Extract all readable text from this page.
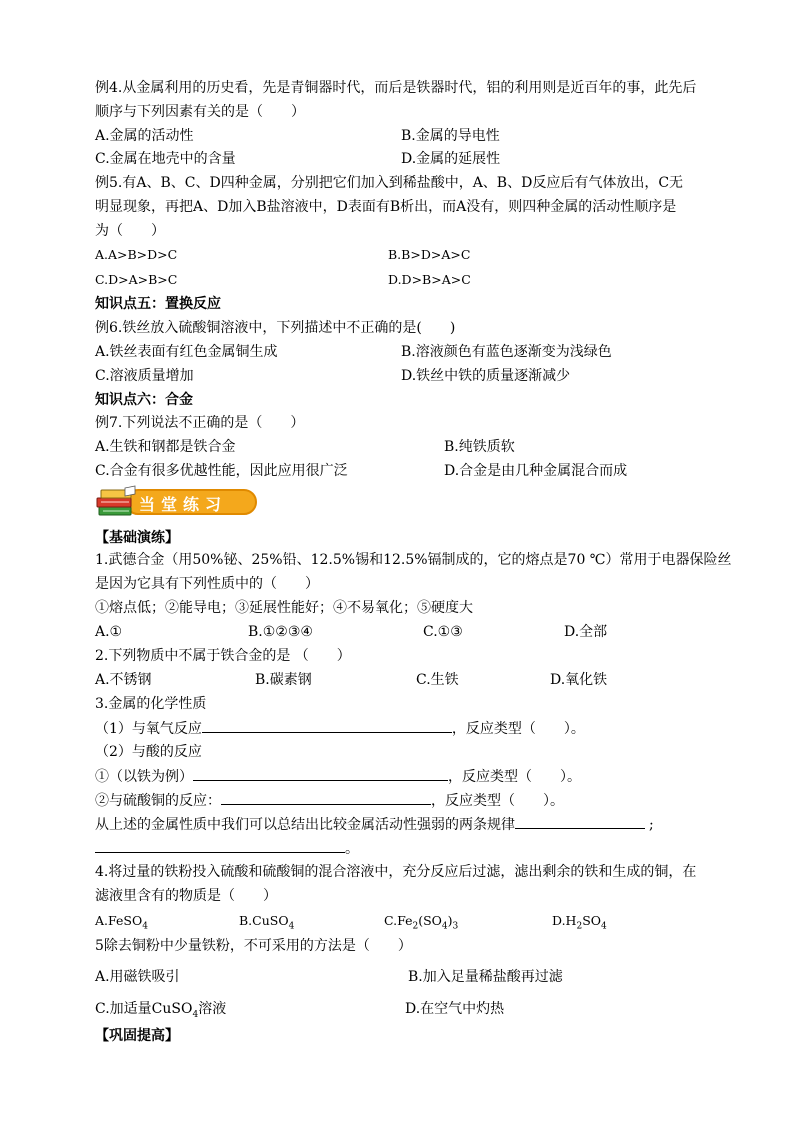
例4.从金属利用的历史看，先是青铜器时代，而后是铁器时代，铝的利用则是近百年的事，此先后
顺序与下列因素有关的是（　　）
A.金属的活动性	B.金属的导电性
C.金属在地壳中的含量	D.金属的延展性
例5.有A、B、C、D四种金属，分别把它们加入到稀盐酸中，A、B、D反应后有气体放出，C无
明显现象，再把A、D加入B盐溶液中，D表面有B析出，而A没有，则四种金属的活动性顺序是
为（　　）
A.A>B>D>C	B.B>D>A>C
C.D>A>B>C	D.D>B>A>C
知识点五：置换反应
例6.铁丝放入硫酸铜溶液中，下列描述中不正确的是(　　)
A.铁丝表面有红色金属铜生成	B.溶液颜色有蓝色逐渐变为浅绿色
C.溶液质量增加	D.铁丝中铁的质量逐渐减少
知识点六：合金
例7.下列说法不正确的是（　　）
A.生铁和钢都是铁合金	B.纯铁质软
C.合金有很多优越性能，因此应用很广泛	D.合金是由几种金属混合而成
当堂练习
【基础演练】
1.武德合金（用50%铋、25%铅、12.5%锡和12.5%镉制成的，它的熔点是70 ℃）常用于电器保险丝
是因为它具有下列性质中的（　　）
①熔点低；②能导电；③延展性能好；④不易氧化；⑤硬度大
A.①	B.①②③④	C.①③	D.全部
2.下列物质中不属于铁合金的是 （　　）
A.不锈钢	B.碳素钢	C.生铁	D.氧化铁
3.金属的化学性质
（1）与氧气反应	，反应类型（　　）。
（2）与酸的反应
①（以铁为例）	，反应类型（　　）。
②与硫酸铜的反应：	，反应类型（　　）。
从上述的金属性质中我们可以总结出比较金属活动性强弱的两条规律	;
。
4.将过量的铁粉投入硫酸和硫酸铜的混合溶液中，充分反应后过滤，滤出剩余的铁和生成的铜，在
滤液里含有的物质是（　　）
A.FeSO$_4$	B.CuSO$_4$	$C.Fe_2(SO_4)_3$	$D.H_2SO_4$
5除去铜粉中少量铁粉，不可采用的方法是（　　）
A.用磁铁吸引	B.加入足量稀盐酸再过滤
C.加适量CuSO$_4$溶液	D.在空气中灼热
【巩固提高】
